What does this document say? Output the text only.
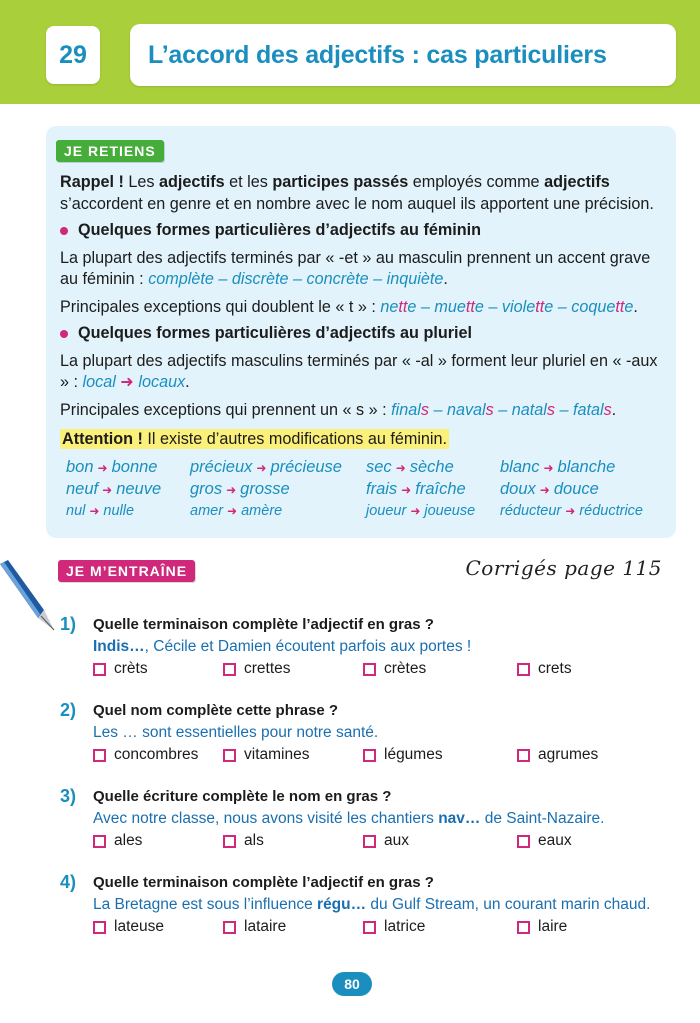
29	L’accord des adjectifs : cas particuliers
JE RETIENS

Rappel ! Les adjectifs et les participes passés employés comme adjectifs s’accordent en genre et en nombre avec le nom auquel ils apportent une précision.

Quelques formes particulières d’adjectifs au féminin

La plupart des adjectifs terminés par « -et » au masculin prennent un accent grave au féminin : complète – discrète – concrète – inquiète.

Principales exceptions qui doublent le « t » : nette – muette – violette – coquette.

Quelques formes particulières d’adjectifs au pluriel

La plupart des adjectifs masculins terminés par « -al » forment leur pluriel en « -aux » : local ➜ locaux.

Principales exceptions qui prennent un « s » : finals – navals – natals – fatals.

Attention ! Il existe d’autres modifications au féminin.

bon ➜ bonne	précieux ➜ précieuse	sec ➜ sèche	blanc ➜ blanche
neuf ➜ neuve	gros ➜ grosse	frais ➜ fraîche	doux ➜ douce
nul ➜ nulle	amer ➜ amère	joueur ➜ joueuse	réducteur ➜ réductrice
JE M’ENTRAÎNE	Corrigés page 115
1) Quelle terminaison complète l’adjectif en gras ?
Indis…, Cécile et Damien écoutent parfois aux portes !
crèts	crettes	crètes	crets
2) Quel nom complète cette phrase ?
Les … sont essentielles pour notre santé.
concombres	vitamines	légumes	agrumes
3) Quelle écriture complète le nom en gras ?
Avec notre classe, nous avons visité les chantiers nav… de Saint-Nazaire.
ales	als	aux	eaux
4) Quelle terminaison complète l’adjectif en gras ?
La Bretagne est sous l’influence régu… du Gulf Stream, un courant marin chaud.
lateuse	lataire	latrice	laire
80
